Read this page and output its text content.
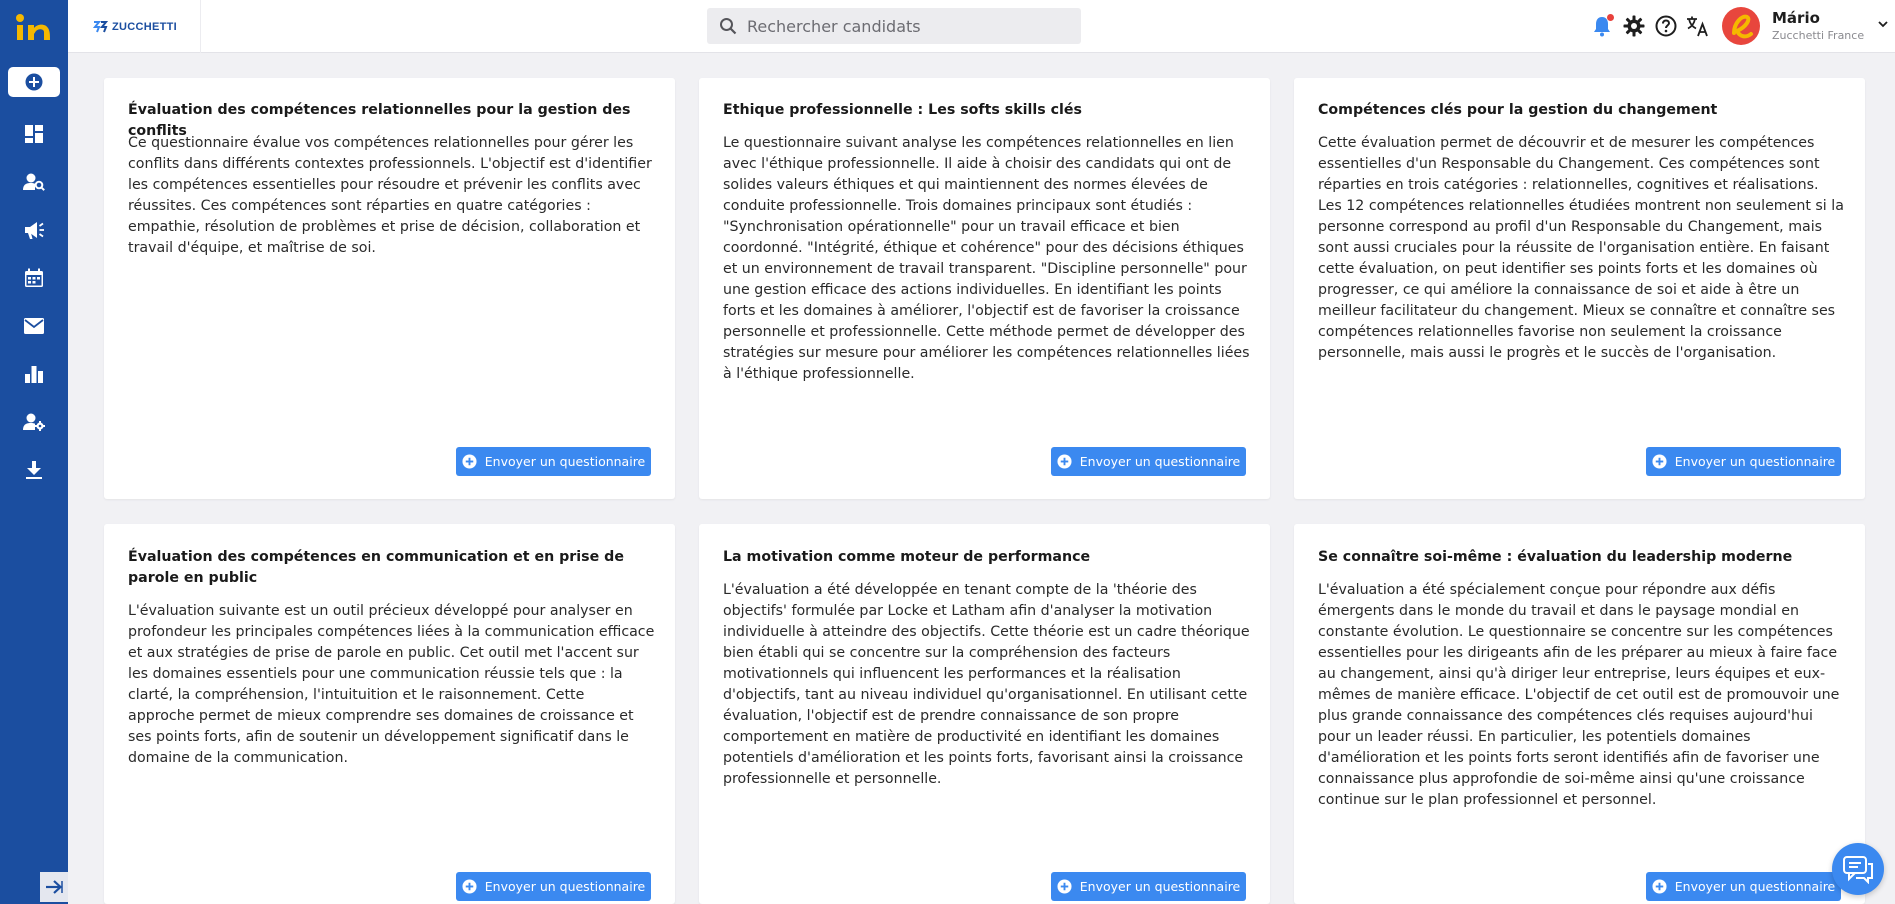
ZUCCHETTI
Rechercher candidats	Mário
Zucchetti France
Évaluation des compétences relationnelles pour la gestion des conflits
Ce questionnaire évalue vos compétences relationnelles pour gérer les conflits dans différents contextes professionnels. L'objectif est d'identifier les compétences essentielles pour résoudre et prévenir les conflits avec réussites. Ces compétences sont réparties en quatre catégories : empathie, résolution de problèmes et prise de décision, collaboration et travail d'équipe, et maîtrise de soi.
Envoyer un questionnaire
Ethique professionnelle : Les softs skills clés
Le questionnaire suivant analyse les compétences relationnelles en lien avec l'éthique professionnelle. Il aide à choisir des candidats qui ont de solides valeurs éthiques et qui maintiennent des normes élevées de conduite professionnelle. Trois domaines principaux sont étudiés : "Synchronisation opérationnelle" pour un travail efficace et bien coordonné. "Intégrité, éthique et cohérence" pour des décisions éthiques et un environnement de travail transparent. "Discipline personnelle" pour une gestion efficace des actions individuelles. En identifiant les points forts et les domaines à améliorer, l'objectif est de favoriser la croissance personnelle et professionnelle. Cette méthode permet de développer des stratégies sur mesure pour améliorer les compétences relationnelles liées à l'éthique professionnelle.
Envoyer un questionnaire
Compétences clés pour la gestion du changement
Cette évaluation permet de découvrir et de mesurer les compétences essentielles d'un Responsable du Changement. Ces compétences sont réparties en trois catégories : relationnelles, cognitives et réalisations. Les 12 compétences relationnelles étudiées montrent non seulement si la personne correspond au profil d'un Responsable du Changement, mais sont aussi cruciales pour la réussite de l'organisation entière. En faisant cette évaluation, on peut identifier ses points forts et les domaines où progresser, ce qui améliore la connaissance de soi et aide à être un meilleur facilitateur du changement. Mieux se connaître et connaître ses compétences relationnelles favorise non seulement la croissance personnelle, mais aussi le progrès et le succès de l'organisation.
Envoyer un questionnaire
Évaluation des compétences en communication et en prise de parole en public
L'évaluation suivante est un outil précieux développé pour analyser en profondeur les principales compétences liées à la communication efficace et aux stratégies de prise de parole en public. Cet outil met l'accent sur les domaines essentiels pour une communication réussie tels que : la clarté, la compréhension, l'intuituition et le raisonnement. Cette approche permet de mieux comprendre ses domaines de croissance et ses points forts, afin de soutenir un développement significatif dans le domaine de la communication.
Envoyer un questionnaire
La motivation comme moteur de performance
L'évaluation a été développée en tenant compte de la 'théorie des objectifs' formulée par Locke et Latham afin d'analyser la motivation individuelle à atteindre des objectifs. Cette théorie est un cadre théorique bien établi qui se concentre sur la compréhension des facteurs motivationnels qui influencent les performances et la réalisation d'objectifs, tant au niveau individuel qu'organisationnel. En utilisant cette évaluation, l'objectif est de prendre connaissance de son propre comportement en matière de productivité en identifiant les domaines potentiels d'amélioration et les points forts, favorisant ainsi la croissance professionnelle et personnelle.
Envoyer un questionnaire
Se connaître soi-même : évaluation du leadership moderne
L'évaluation a été spécialement conçue pour répondre aux défis émergents dans le monde du travail et dans le paysage mondial en constante évolution. Le questionnaire se concentre sur les compétences essentielles pour les dirigeants afin de les préparer au mieux à faire face au changement, ainsi qu'à diriger leur entreprise, leurs équipes et eux-mêmes de manière efficace. L'objectif de cet outil est de promouvoir une plus grande connaissance des compétences clés requises aujourd'hui pour un leader réussi. En particulier, les potentiels domaines d'amélioration et les points forts seront identifiés afin de favoriser une connaissance plus approfondie de soi-même ainsi qu'une croissance continue sur le plan professionnel et personnel.
Envoyer un questionnaire
